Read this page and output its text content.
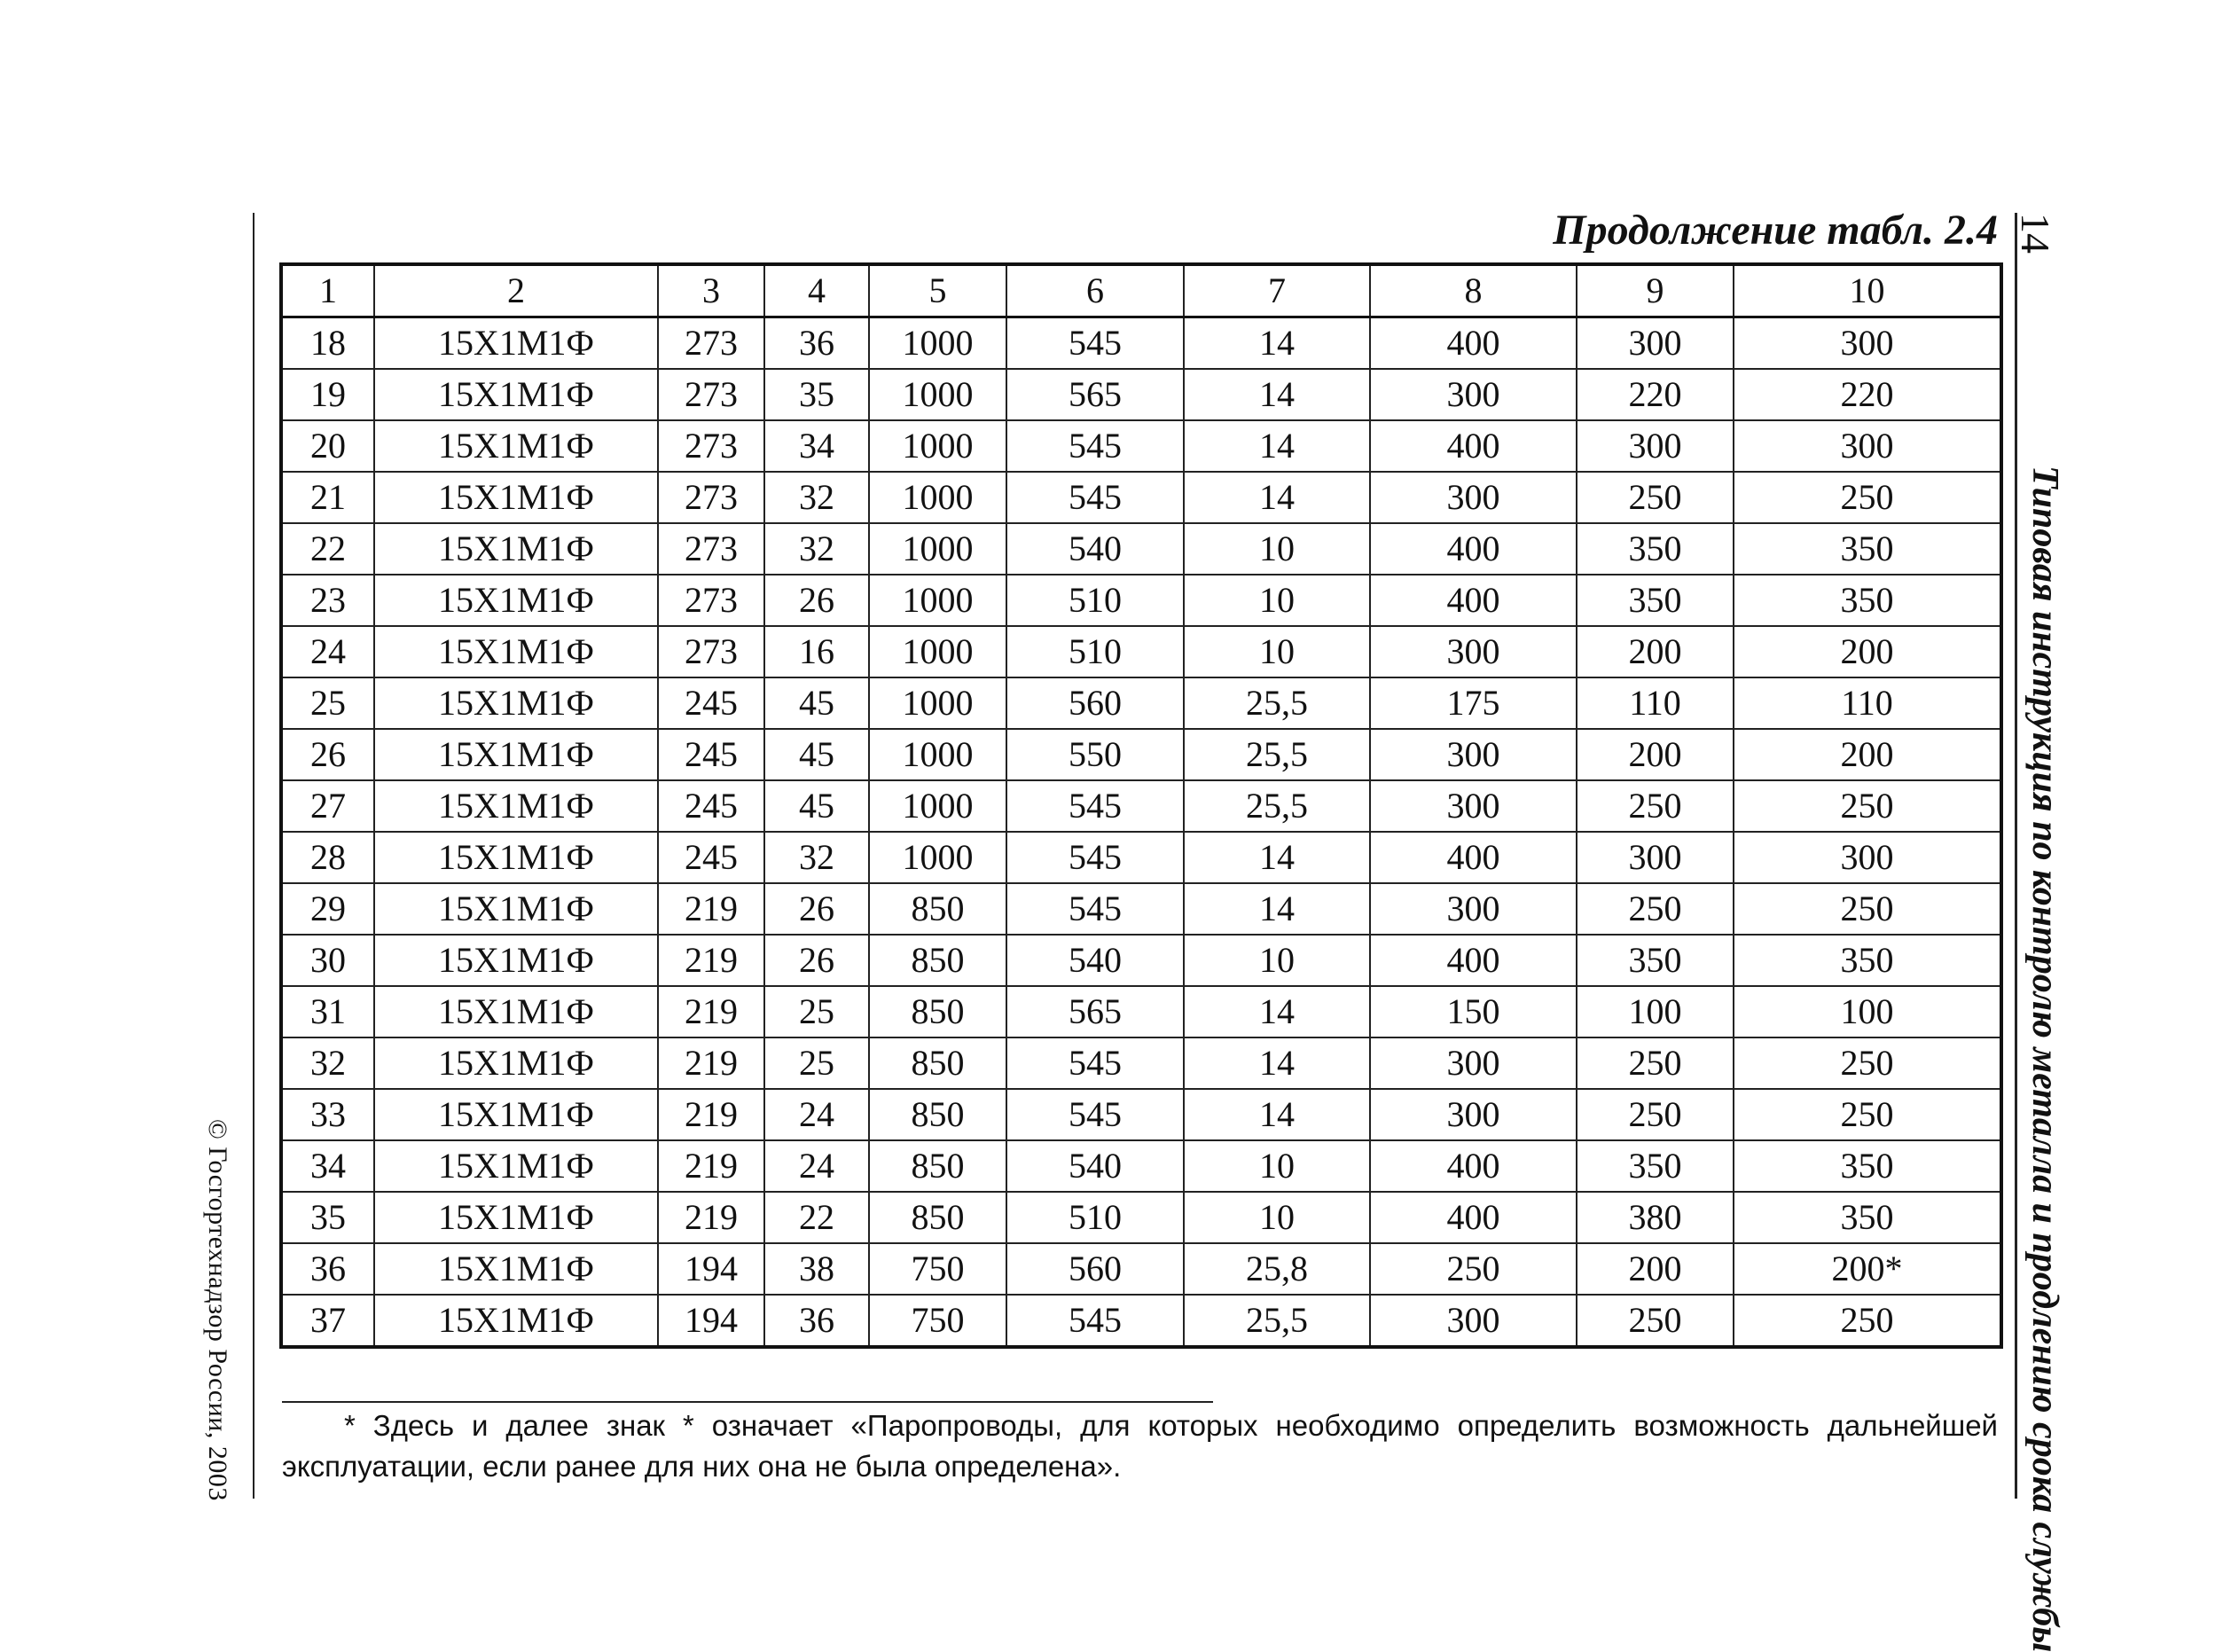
© Госгортехнадзор России, 2003
14
Типовая инструкция по контролю металла и продлению срока службы
Продолжение табл. 2.4
1	2	3	4	5	6	7	8	9	10
18	15Х1М1Ф	273	36	1000	545	14	400	300	300
19	15Х1М1Ф	273	35	1000	565	14	300	220	220
20	15Х1М1Ф	273	34	1000	545	14	400	300	300
21	15Х1М1Ф	273	32	1000	545	14	300	250	250
22	15Х1М1Ф	273	32	1000	540	10	400	350	350
23	15Х1М1Ф	273	26	1000	510	10	400	350	350
24	15Х1М1Ф	273	16	1000	510	10	300	200	200
25	15Х1М1Ф	245	45	1000	560	25,5	175	110	110
26	15Х1М1Ф	245	45	1000	550	25,5	300	200	200
27	15Х1М1Ф	245	45	1000	545	25,5	300	250	250
28	15Х1М1Ф	245	32	1000	545	14	400	300	300
29	15Х1М1Ф	219	26	850	545	14	300	250	250
30	15Х1М1Ф	219	26	850	540	10	400	350	350
31	15Х1М1Ф	219	25	850	565	14	150	100	100
32	15Х1М1Ф	219	25	850	545	14	300	250	250
33	15Х1М1Ф	219	24	850	545	14	300	250	250
34	15Х1М1Ф	219	24	850	540	10	400	350	350
35	15Х1М1Ф	219	22	850	510	10	400	380	350
36	15Х1М1Ф	194	38	750	560	25,8	250	200	200*
37	15Х1М1Ф	194	36	750	545	25,5	300	250	250

* Здесь и далее знак * означает «Паропроводы, для которых необходимо определить возможность дальнейшей эксплуатации, если ранее для них она не была определена».
